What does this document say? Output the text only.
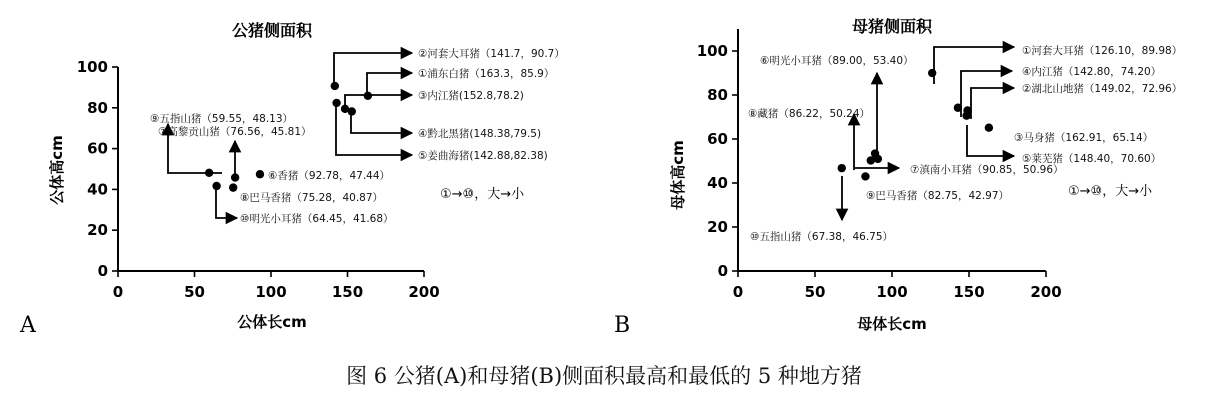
0	50	100	150	200
0
20
40
60
80
100
公猪侧面积
公体长cm
公体高cm
A
①→⑩，大→小
②河套大耳猪（141.7，90.7）
①浦东白猪（163.3，85.9）
③内江猪(152.8,78.2)
④黔北黑猪(148.38,79.5)
⑤姜曲海猪(142.88,82.38)
⑨五指山猪（59.55，48.13）
⑦高黎贡山猪（76.56，45.81）
⑥香猪（92.78，47.44）
⑧巴马香猪（75.28，40.87）
⑩明光小耳猪（64.45，41.68）
0	50	100	150	200
0
20
40
60
80
100
母猪侧面积
母体长cm
母体高cm
B
①→⑩，大→小
①河套大耳猪（126.10，89.98）
④内江猪（142.80，74.20）
②湖北山地猪（149.02，72.96）
③马身猪（162.91，65.14）
⑤莱芜猪（148.40，70.60）
⑥明光小耳猪（89.00，53.40）
⑧藏猪（86.22，50.24）
⑦滇南小耳猪（90.85，50.96）
⑨巴马香猪（82.75，42.97）
⑩五指山猪（67.38，46.75）
图 6 公猪(A)和母猪(B)侧面积最高和最低的 5 种地方猪
